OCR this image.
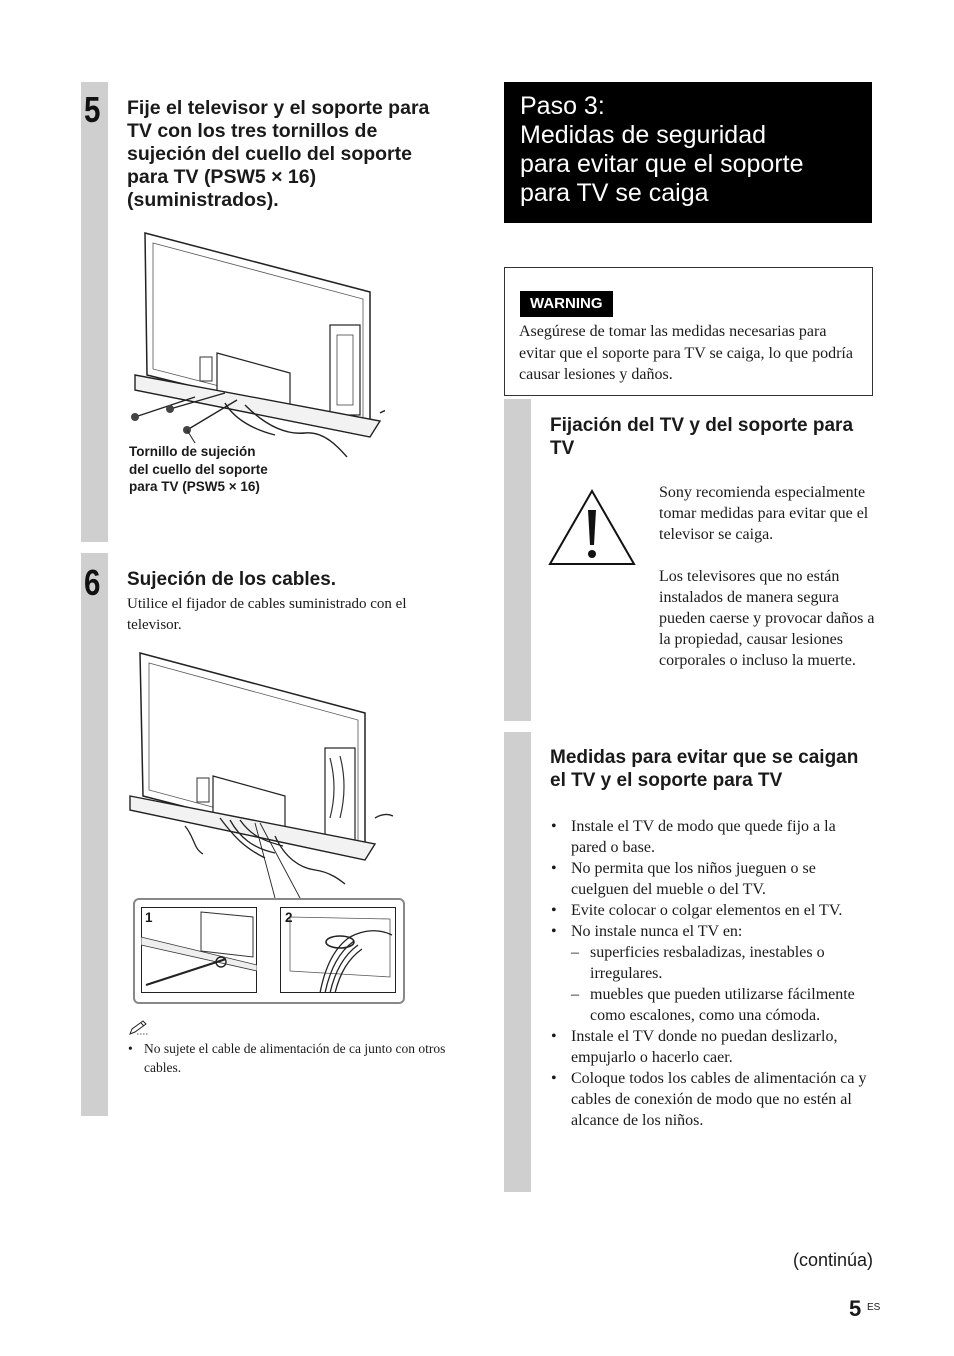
5 Fije el televisor y el soporte para TV con los tres tornillos de sujeción del cuello del soporte para TV (PSW5 × 16) (suministrados).
Tornillo de sujeción del cuello del soporte para TV (PSW5 × 16)
6 Sujeción de los cables.
Utilice el fijador de cables suministrado con el televisor.
1	2
• No sujete el cable de alimentación de ca junto con otros cables.
Paso 3:
Medidas de seguridad
para evitar que el soporte
para TV se caiga
WARNING
Asegúrese de tomar las medidas necesarias para evitar que el soporte para TV se caiga, lo que podría causar lesiones y daños.
Fijación del TV y del soporte para TV
Sony recomienda especialmente tomar medidas para evitar que el televisor se caiga.
Los televisores que no están instalados de manera segura pueden caerse y provocar daños a la propiedad, causar lesiones corporales o incluso la muerte.
Medidas para evitar que se caigan el TV y el soporte para TV
• Instale el TV de modo que quede fijo a la pared o base.
• No permita que los niños jueguen o se cuelguen del mueble o del TV.
• Evite colocar o colgar elementos en el TV.
• No instale nunca el TV en:
– superficies resbaladizas, inestables o irregulares.
– muebles que pueden utilizarse fácilmente como escalones, como una cómoda.
• Instale el TV donde no puedan deslizarlo, empujarlo o hacerlo caer.
• Coloque todos los cables de alimentación ca y cables de conexión de modo que no estén al alcance de los niños.
(continúa)
5 ES
